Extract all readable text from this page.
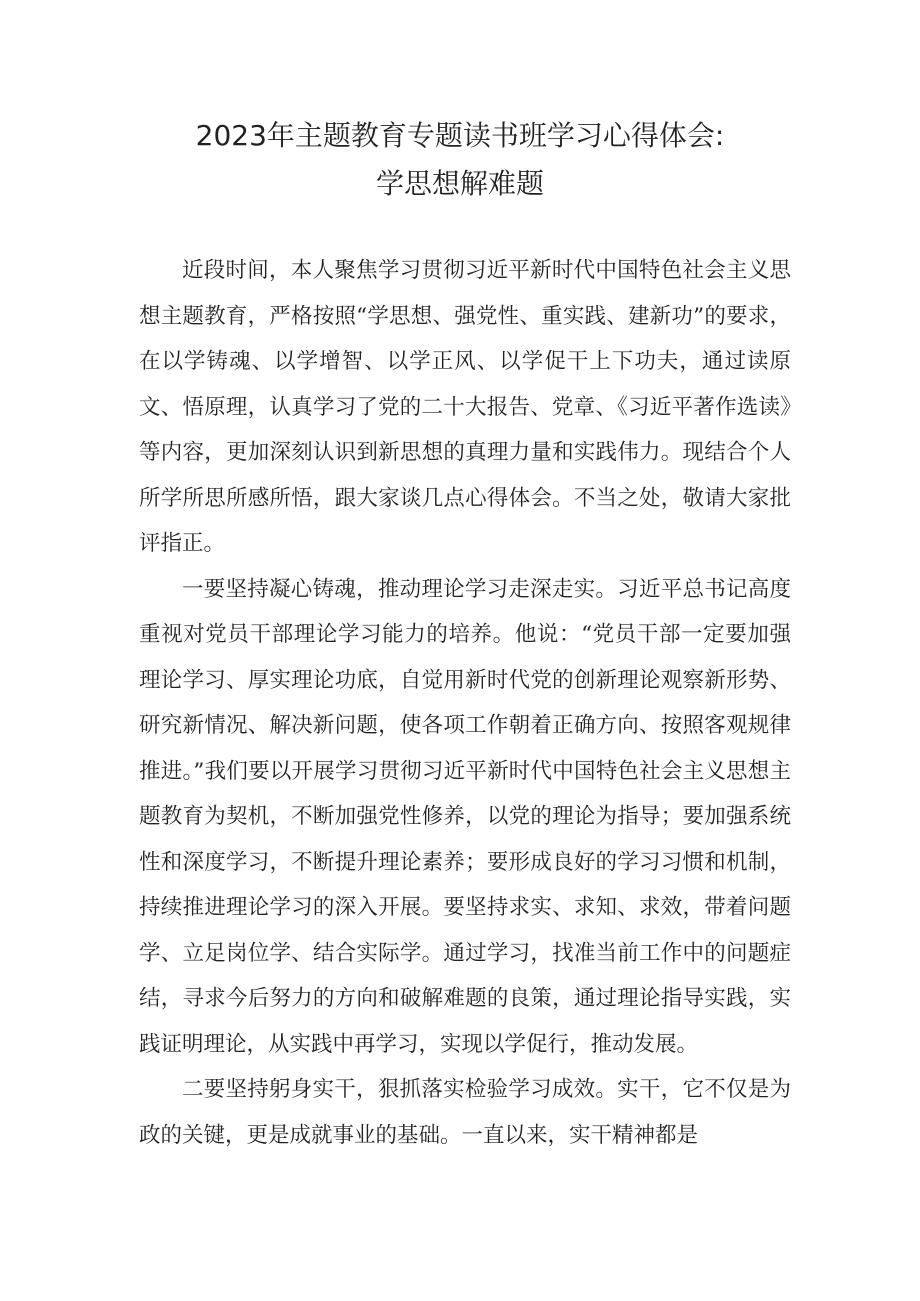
2023年主题教育专题读书班学习心得体会:
学思想解难题

近段时间，本人聚焦学习贯彻习近平新时代中国特色社会主义思想主题教育，严格按照“学思想、强党性、重实践、建新功”的要求，在以学铸魂、以学增智、以学正风、以学促干上下功夫，通过读原文、悟原理，认真学习了党的二十大报告、党章、《习近平著作选读》等内容，更加深刻认识到新思想的真理力量和实践伟力。现结合个人所学所思所感所悟，跟大家谈几点心得体会。不当之处，敬请大家批评指正。

一要坚持凝心铸魂，推动理论学习走深走实。习近平总书记高度重视对党员干部理论学习能力的培养。他说：“党员干部一定要加强理论学习、厚实理论功底，自觉用新时代党的创新理论观察新形势、研究新情况、解决新问题，使各项工作朝着正确方向、按照客观规律推进。”我们要以开展学习贯彻习近平新时代中国特色社会主义思想主题教育为契机，不断加强党性修养，以党的理论为指导；要加强系统性和深度学习，不断提升理论素养；要形成良好的学习习惯和机制，持续推进理论学习的深入开展。要坚持求实、求知、求效，带着问题学、立足岗位学、结合实际学。通过学习，找准当前工作中的问题症结，寻求今后努力的方向和破解难题的良策，通过理论指导实践，实践证明理论，从实践中再学习，实现以学促行，推动发展。

二要坚持躬身实干，狠抓落实检验学习成效。实干，它不仅是为政的关键，更是成就事业的基础。一直以来，实干精神都是
